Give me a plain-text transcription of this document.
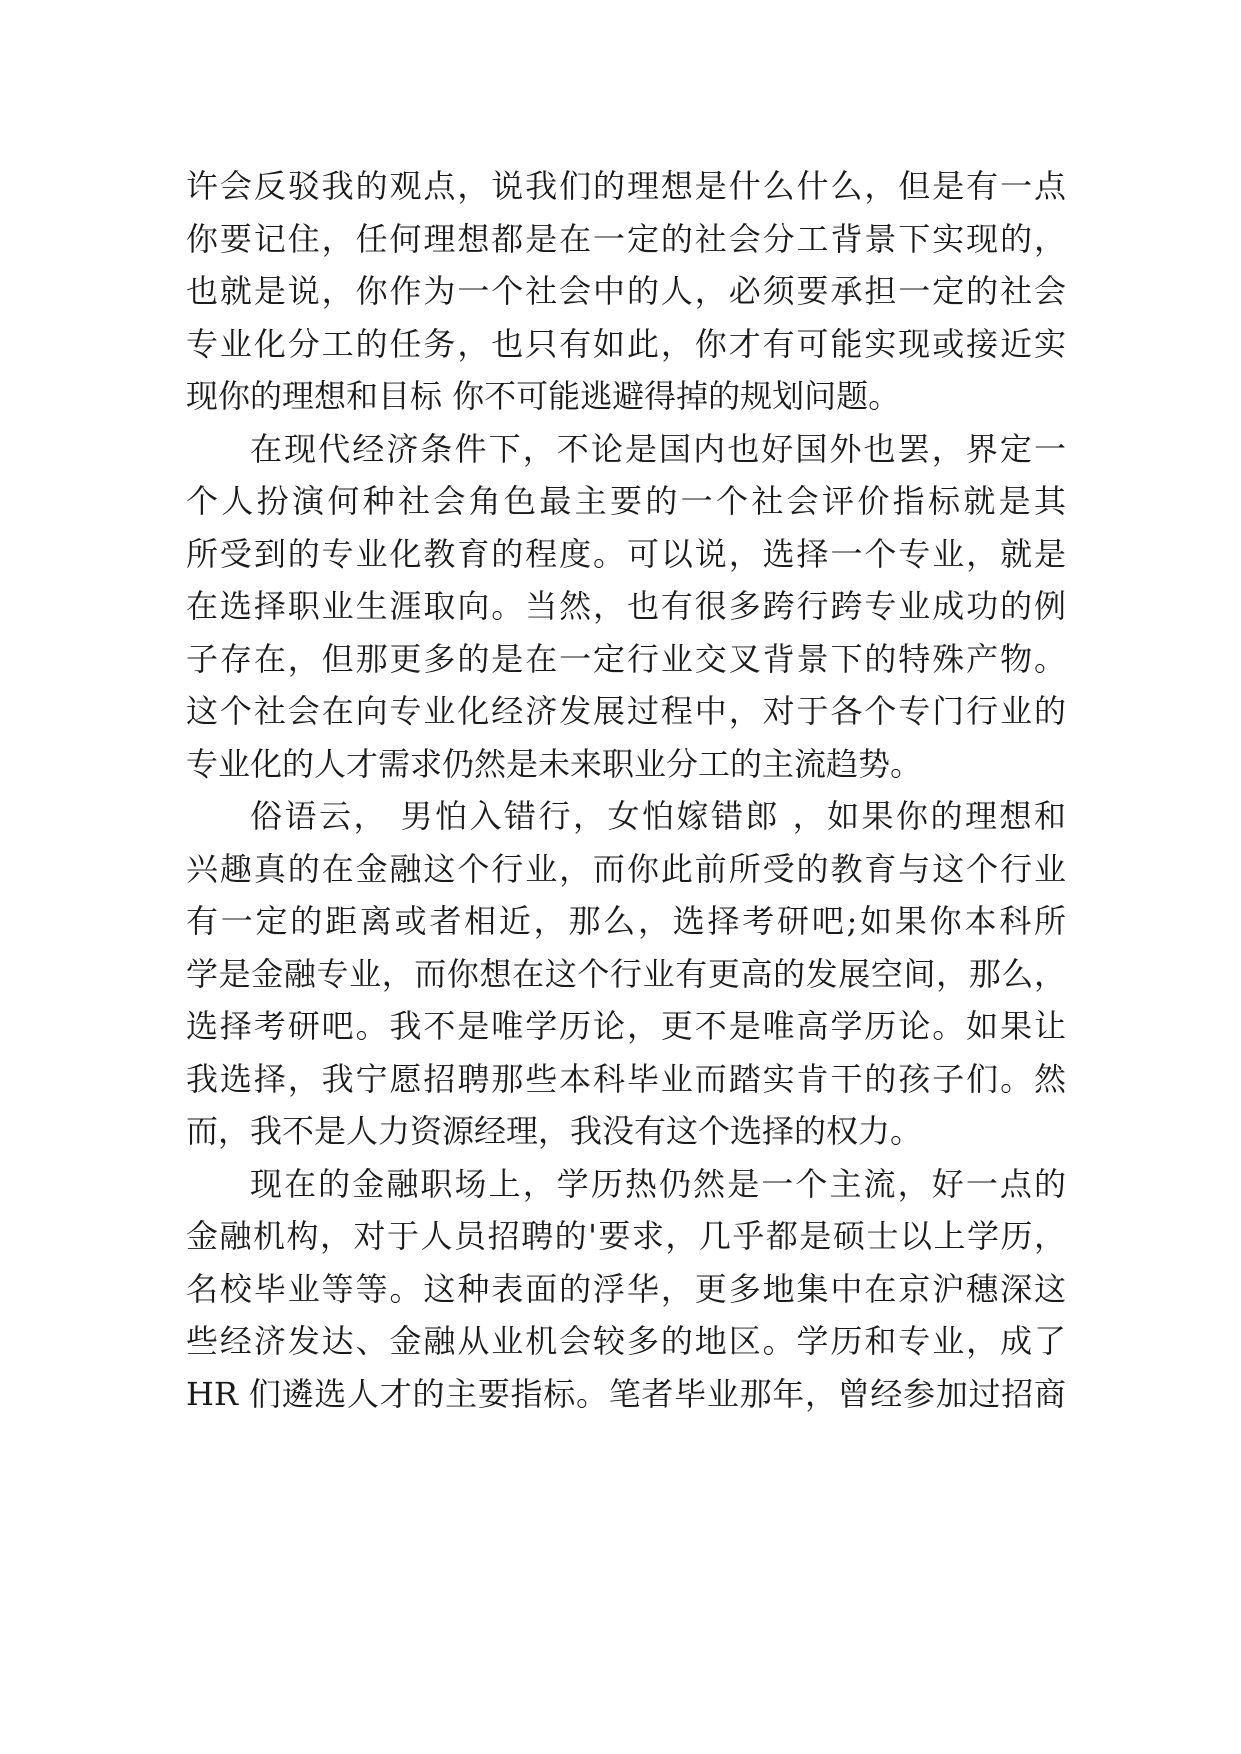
许会反驳我的观点，说我们的理想是什么什么，但是有一点
你要记住，任何理想都是在一定的社会分工背景下实现的，
也就是说，你作为一个社会中的人，必须要承担一定的社会
专业化分工的任务，也只有如此，你才有可能实现或接近实
现你的理想和目标 你不可能逃避得掉的规划问题。
在现代经济条件下，不论是国内也好国外也罢，界定一
个人扮演何种社会角色最主要的一个社会评价指标就是其
所受到的专业化教育的程度。可以说，选择一个专业，就是
在选择职业生涯取向。当然，也有很多跨行跨专业成功的例
子存在，但那更多的是在一定行业交叉背景下的特殊产物。
这个社会在向专业化经济发展过程中，对于各个专门行业的
专业化的人才需求仍然是未来职业分工的主流趋势。
俗语云， 男怕入错行，女怕嫁错郎 ，如果你的理想和
兴趣真的在金融这个行业，而你此前所受的教育与这个行业
有一定的距离或者相近，那么，选择考研吧;如果你本科所
学是金融专业，而你想在这个行业有更高的发展空间，那么，
选择考研吧。我不是唯学历论，更不是唯高学历论。如果让
我选择，我宁愿招聘那些本科毕业而踏实肯干的孩子们。然
而，我不是人力资源经理，我没有这个选择的权力。
现在的金融职场上，学历热仍然是一个主流，好一点的
金融机构，对于人员招聘的'要求，几乎都是硕士以上学历，
名校毕业等等。这种表面的浮华，更多地集中在京沪穗深这
些经济发达、金融从业机会较多的地区。学历和专业，成了
HR 们遴选人才的主要指标。笔者毕业那年，曾经参加过招商
